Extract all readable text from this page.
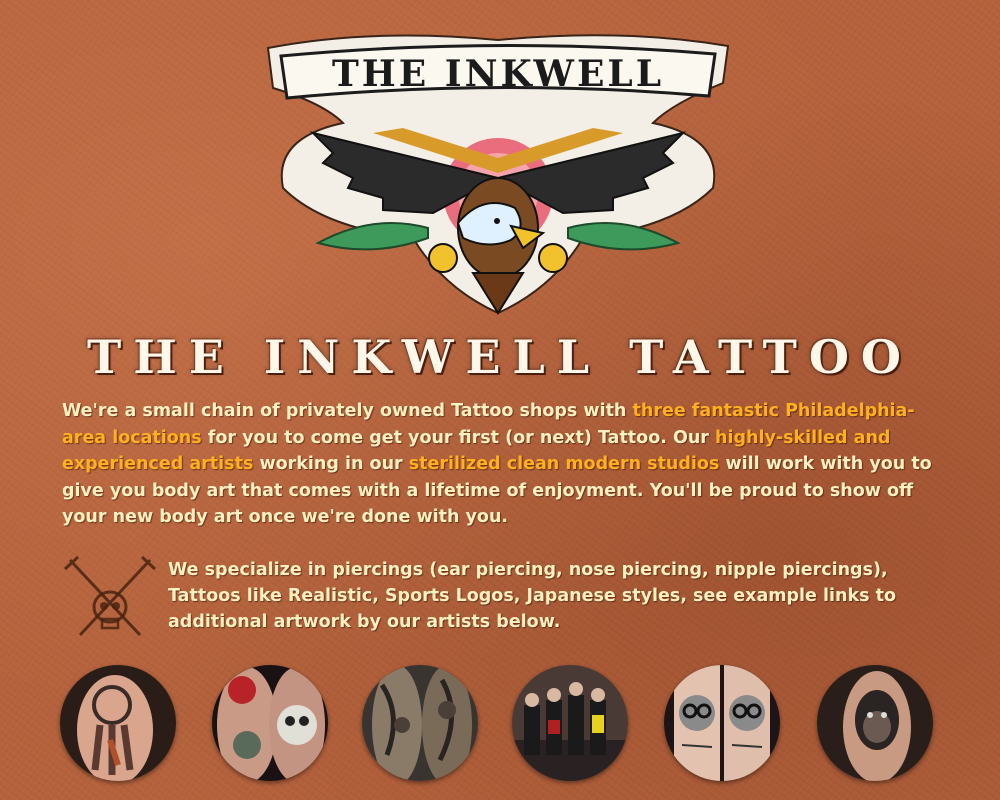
THE INKWELL
THE INKWELL TATTOO
We're a small chain of privately owned Tattoo shops with three fantastic Philadelphia-area locations for you to come get your first (or next) Tattoo. Our highly-skilled and experienced artists working in our sterilized clean modern studios will work with you to give you body art that comes with a lifetime of enjoyment. You'll be proud to show off your new body art once we're done with you.
We specialize in piercings (ear piercing, nose piercing, nipple piercings), Tattoos like Realistic, Sports Logos, Japanese styles, see example links to additional artwork by our artists below.
